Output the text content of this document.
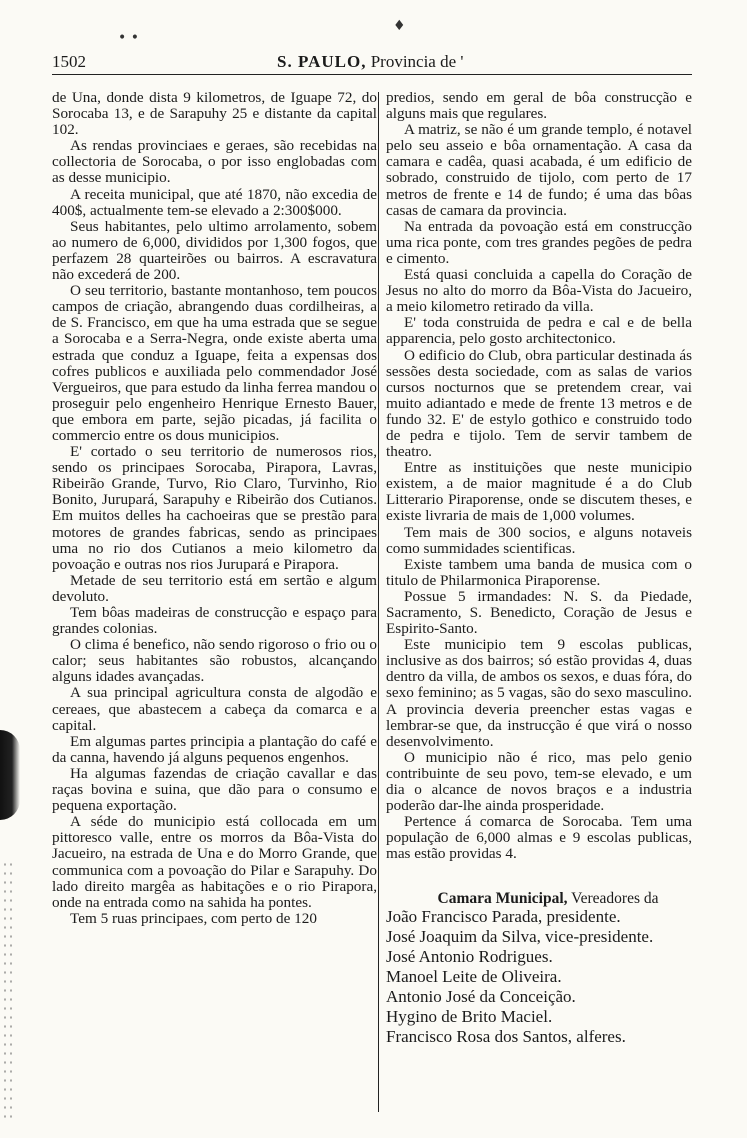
• •
♦
1502	S. PAULO, Provincia de '

de Una, donde dista 9 kilometros, de Iguape 72, do Sorocaba 13, e de Sarapuhy 25 e distante da capital 102.

As rendas provinciaes e geraes, são recebidas na collectoria de Sorocaba, o por isso englobadas com as desse municipio.

A receita municipal, que até 1870, não excedia de 400$, actualmente tem-se elevado a 2:300$000.

Seus habitantes, pelo ultimo arrolamento, sobem ao numero de 6,000, divididos por 1,300 fogos, que perfazem 28 quarteirões ou bairros. A escravatura não excederá de 200.

O seu territorio, bastante montanhoso, tem poucos campos de criação, abrangendo duas cordilheiras, a de S. Francisco, em que ha uma estrada que se segue a Sorocaba e a Serra-Negra, onde existe aberta uma estrada que conduz a Iguape, feita a expensas dos cofres publicos e auxiliada pelo commendador José Vergueiros, que para estudo da linha ferrea mandou o proseguir pelo engenheiro Henrique Ernesto Bauer, que embora em parte, sejão picadas, já facilita o commercio entre os dous municipios.

E' cortado o seu territorio de numerosos rios, sendo os principaes Sorocaba, Pirapora, Lavras, Ribeirão Grande, Turvo, Rio Claro, Turvinho, Rio Bonito, Jurupará, Sarapuhy e Ribeirão dos Cutianos. Em muitos delles ha cachoeiras que se prestão para motores de grandes fabricas, sendo as principaes uma no rio dos Cutianos a meio kilometro da povoação e outras nos rios Jurupará e Pirapora.

Metade de seu territorio está em sertão e algum devoluto.

Tem bôas madeiras de construcção e espaço para grandes colonias.

O clima é benefico, não sendo rigoroso o frio ou o calor; seus habitantes são robustos, alcançando alguns idades avançadas.

A sua principal agricultura consta de algodão e cereaes, que abastecem a cabeça da comarca e a capital.

Em algumas partes principia a plantação do café e da canna, havendo já alguns pequenos engenhos.

Ha algumas fazendas de criação cavallar e das raças bovina e suina, que dão para o consumo e pequena exportação.

A séde do municipio está collocada em um pittoresco valle, entre os morros da Bôa-Vista do Jacueiro, na estrada de Una e do Morro Grande, que communica com a povoação do Pilar e Sarapuhy. Do lado direito margêa as habitações e o rio Pirapora, onde na entrada como na sahida ha pontes.

Tem 5 ruas principaes, com perto de 120

predios, sendo em geral de bôa construcção e alguns mais que regulares.

A matriz, se não é um grande templo, é notavel pelo seu asseio e bôa ornamentação. A casa da camara e cadêa, quasi acabada, é um edificio de sobrado, construido de tijolo, com perto de 17 metros de frente e 14 de fundo; é uma das bôas casas de camara da provincia.

Na entrada da povoação está em construcção uma rica ponte, com tres grandes pegões de pedra e cimento.

Está quasi concluida a capella do Coração de Jesus no alto do morro da Bôa-Vista do Jacueiro, a meio kilometro retirado da villa.

E' toda construida de pedra e cal e de bella apparencia, pelo gosto architectonico.

O edificio do Club, obra particular destinada ás sessões desta sociedade, com as salas de varios cursos nocturnos que se pretendem crear, vai muito adiantado e mede de frente 13 metros e de fundo 32. E' de estylo gothico e construido todo de pedra e tijolo. Tem de servir tambem de theatro.

Entre as instituições que neste municipio existem, a de maior magnitude é a do Club Litterario Piraporense, onde se discutem theses, e existe livraria de mais de 1,000 volumes.

Tem mais de 300 socios, e alguns notaveis como summidades scientificas.

Existe tambem uma banda de musica com o titulo de Philarmonica Piraporense.

Possue 5 irmandades: N. S. da Piedade, Sacramento, S. Benedicto, Coração de Jesus e Espirito-Santo.

Este municipio tem 9 escolas publicas, inclusive as dos bairros; só estão providas 4, duas dentro da villa, de ambos os sexos, e duas fóra, do sexo feminino; as 5 vagas, são do sexo masculino. A provincia deveria preencher estas vagas e lembrar-se que, da instrucção é que virá o nosso desenvolvimento.

O municipio não é rico, mas pelo genio contribuinte de seu povo, tem-se elevado, e um dia o alcance de novos braços e a industria poderão dar-lhe ainda prosperidade.

Pertence á comarca de Sorocaba. Tem uma população de 6,000 almas e 9 escolas publicas, mas estão providas 4.

Camara Municipal, Vereadores da

João Francisco Parada, presidente.

José Joaquim da Silva, vice-presidente.

José Antonio Rodrigues.

Manoel Leite de Oliveira.

Antonio José da Conceição.

Hygino de Brito Maciel.

Francisco Rosa dos Santos, alferes.
